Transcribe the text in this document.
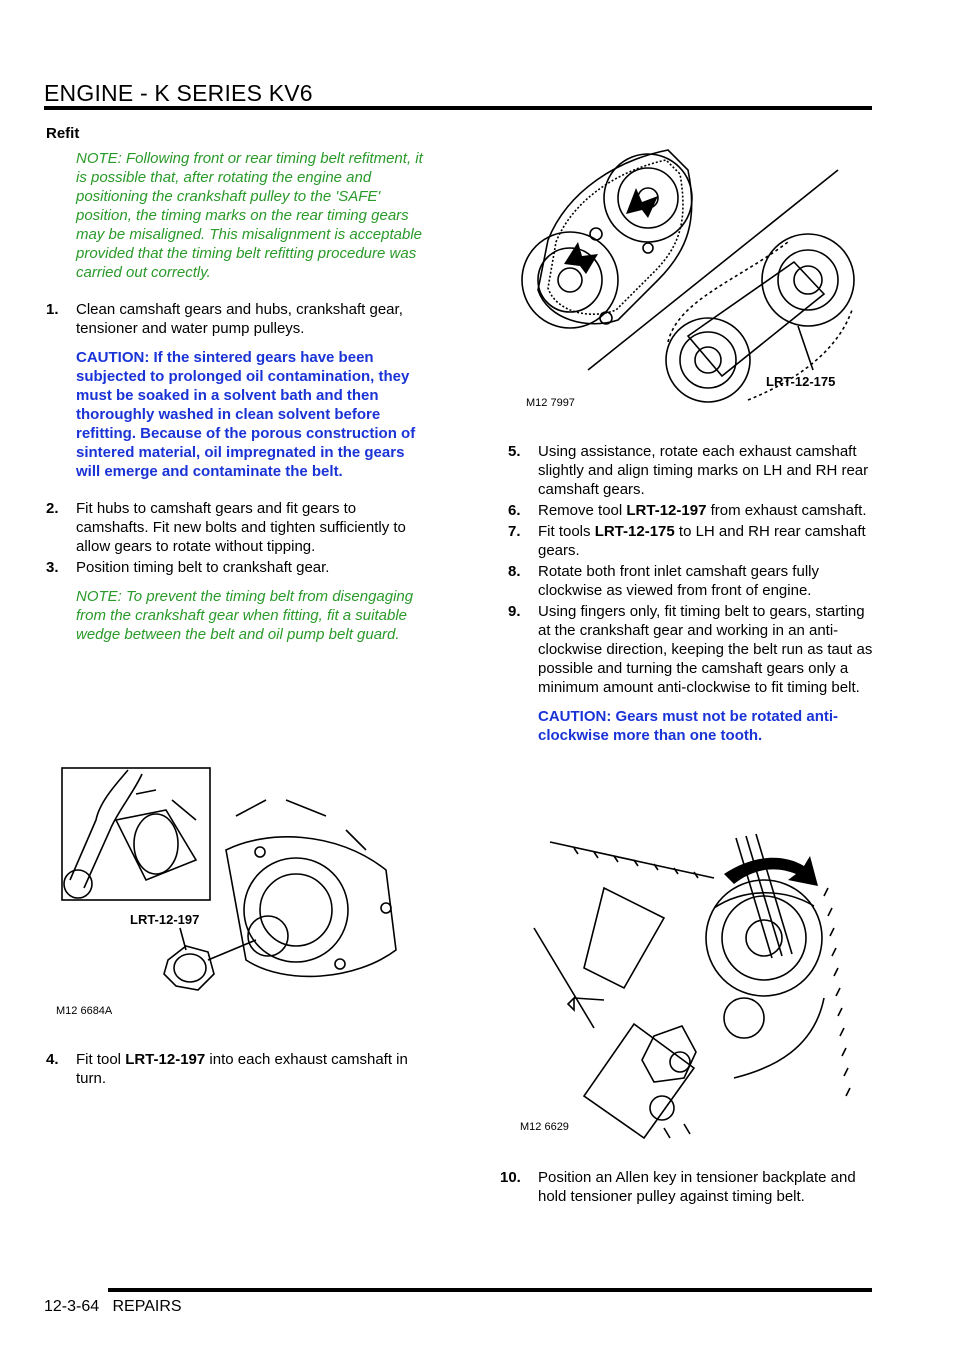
ENGINE - K SERIES KV6
Refit
NOTE: Following front or rear timing belt refitment, it is possible that, after rotating the engine and positioning the crankshaft pulley to the 'SAFE' position, the timing marks on the rear timing gears may be misaligned. This misalignment is acceptable provided that the timing belt refitting procedure was carried out correctly.
1.	Clean camshaft gears and hubs, crankshaft gear, tensioner and water pump pulleys.
CAUTION: If the sintered gears have been subjected to prolonged oil contamination, they must be soaked in a solvent bath and then thoroughly washed in clean solvent before refitting. Because of the porous construction of sintered material, oil impregnated in the gears will emerge and contaminate the belt.
2.	Fit hubs to camshaft gears and fit gears to camshafts. Fit new bolts and tighten sufficiently to allow gears to rotate without tipping.
3.	Position timing belt to crankshaft gear.
NOTE: To prevent the timing belt from disengaging from the crankshaft gear when fitting, fit a suitable wedge between the belt and oil pump belt guard.
4.	Fit tool LRT-12-197 into each exhaust camshaft in turn.
5.	Using assistance, rotate each exhaust camshaft slightly and align timing marks on LH and RH rear camshaft gears.
6.	Remove tool LRT-12-197 from exhaust camshaft.
7.	Fit tools LRT-12-175 to LH and RH rear camshaft gears.
8.	Rotate both front inlet camshaft gears fully clockwise as viewed from front of engine.
9.	Using fingers only, fit timing belt to gears, starting at the crankshaft gear and working in an anti-clockwise direction, keeping the belt run as taut as possible and turning the camshaft gears only a minimum amount anti-clockwise to fit timing belt.
CAUTION: Gears must not be rotated anti-clockwise more than one tooth.
10.	Position an Allen key in tensioner backplate and hold tensioner pulley against timing belt.
M12 7997
LRT-12-175
LRT-12-197
M12 6684A
M12 6629
12-3-64 REPAIRS
